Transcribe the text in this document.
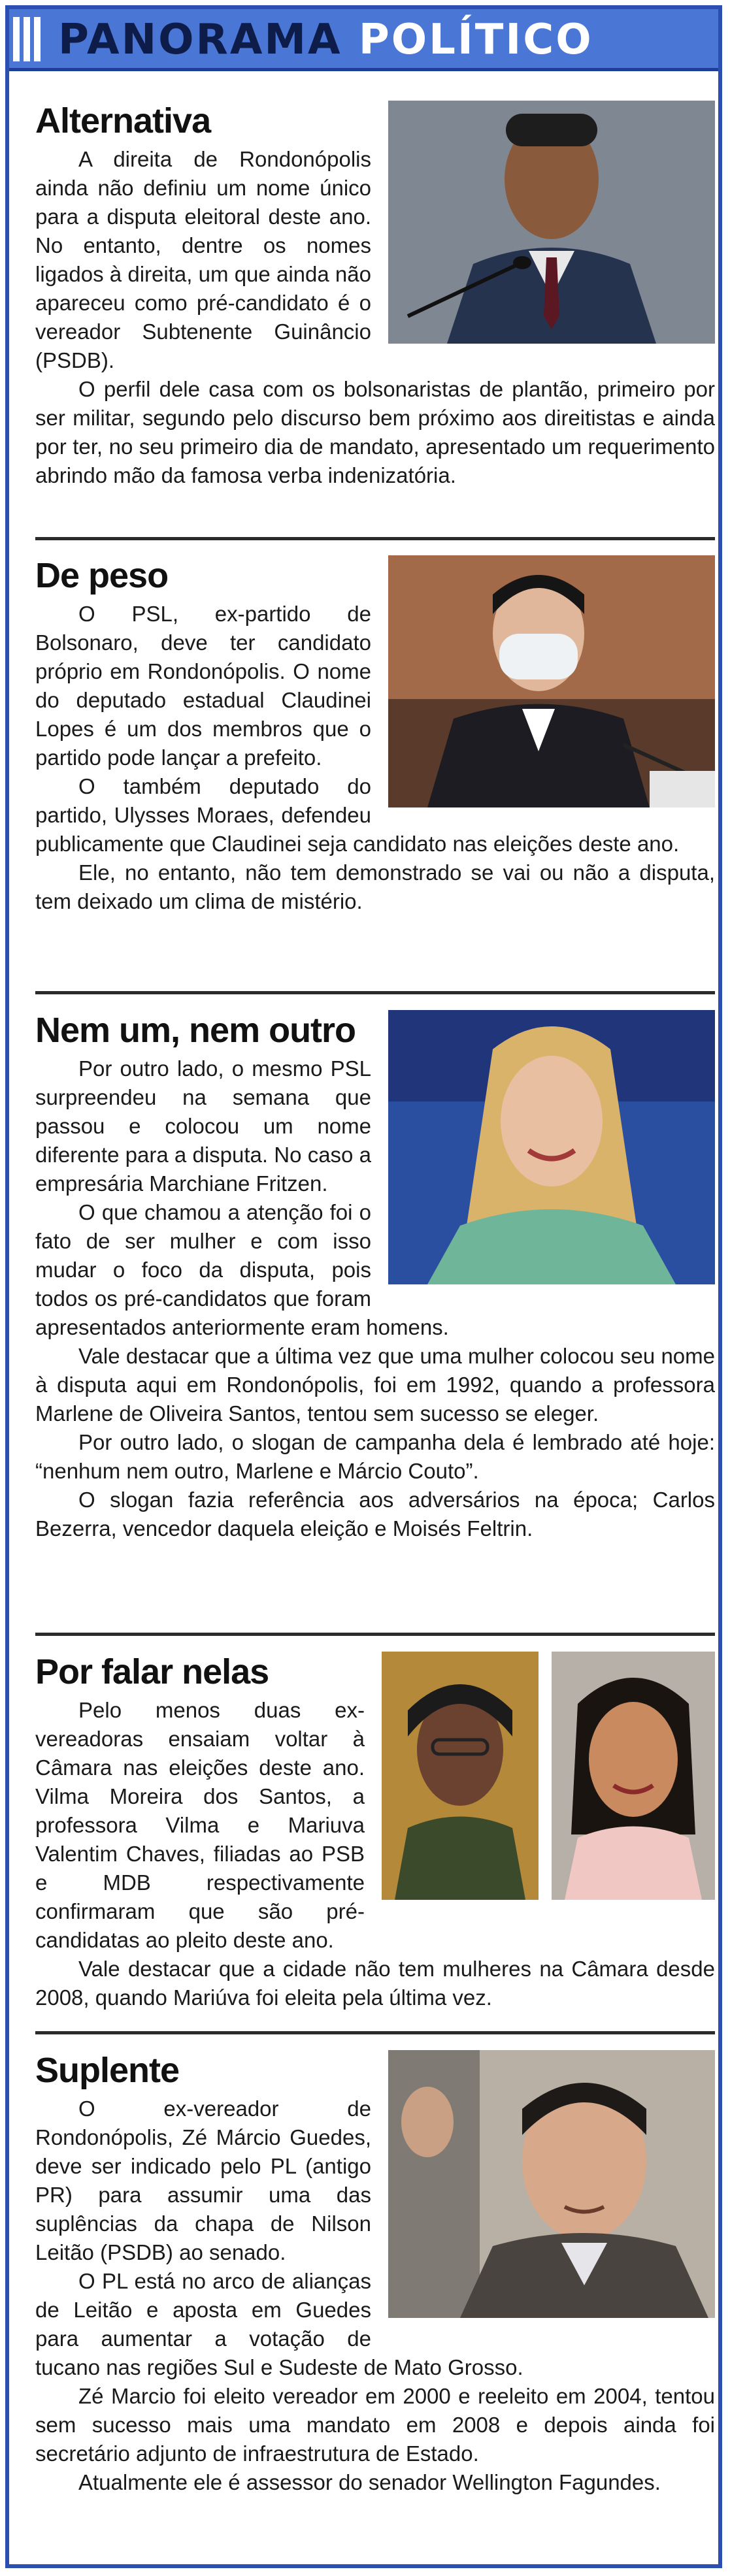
PANORAMA POLÍTICO
Alternativa

A direita de Rondonópolis ainda não definiu um nome único para a disputa eleitoral deste ano. No entanto, dentre os nomes ligados à direita, um que ainda não apareceu como pré-candidato é o vereador Subtenente Guinâncio (PSDB).

O perfil dele casa com os bolsonaristas de plantão, primeiro por ser militar, segundo pelo discurso bem próximo aos direitistas e ainda por ter, no seu primeiro dia de mandato, apresentado um requerimento abrindo mão da famosa verba indenizatória.

De peso

O PSL, ex-partido de Bolsonaro, deve ter candidato próprio em Rondonópolis. O nome do deputado estadual Claudinei Lopes é um dos membros que o partido pode lançar a prefeito.

O também deputado do partido, Ulysses Moraes, defendeu publicamente que Claudinei seja candidato nas eleições deste ano.

Ele, no entanto, não tem demonstrado se vai ou não a disputa, tem deixado um clima de mistério.

Nem um, nem outro

Por outro lado, o mesmo PSL surpreendeu na semana que passou e colocou um nome diferente para a disputa. No caso a empresária Marchiane Fritzen.

O que chamou a atenção foi o fato de ser mulher e com isso mudar o foco da disputa, pois todos os pré-candidatos que foram apresentados anteriormente eram homens.

Vale destacar que a última vez que uma mulher colocou seu nome à disputa aqui em Rondonópolis, foi em 1992, quando a professora Marlene de Oliveira Santos, tentou sem sucesso se eleger.

Por outro lado, o slogan de campanha dela é lembrado até hoje: “nenhum nem outro, Marlene e Márcio Couto”.

O slogan fazia referência aos adversários na época; Carlos Bezerra, vencedor daquela eleição e Moisés Feltrin.

Por falar nelas

Pelo menos duas ex-vereadoras ensaiam voltar à Câmara nas eleições deste ano. Vilma Moreira dos Santos, a professora Vilma e Mariuva Valentim Chaves, filiadas ao PSB e MDB respectivamente confirmaram que são pré-candidatas ao pleito deste ano.

Vale destacar que a cidade não tem mulheres na Câmara desde 2008, quando Mariúva foi eleita pela última vez.

Suplente

O ex-vereador de Rondonópolis, Zé Márcio Guedes, deve ser indicado pelo PL (antigo PR) para assumir uma das suplências da chapa de Nilson Leitão (PSDB) ao senado.

O PL está no arco de alianças de Leitão e aposta em Guedes para aumentar a votação de tucano nas regiões Sul e Sudeste de Mato Grosso.

Zé Marcio foi eleito vereador em 2000 e reeleito em 2004, tentou sem sucesso mais uma mandato em 2008 e depois ainda foi secretário adjunto de infraestrutura de Estado.

Atualmente ele é assessor do senador Wellington Fagundes.
